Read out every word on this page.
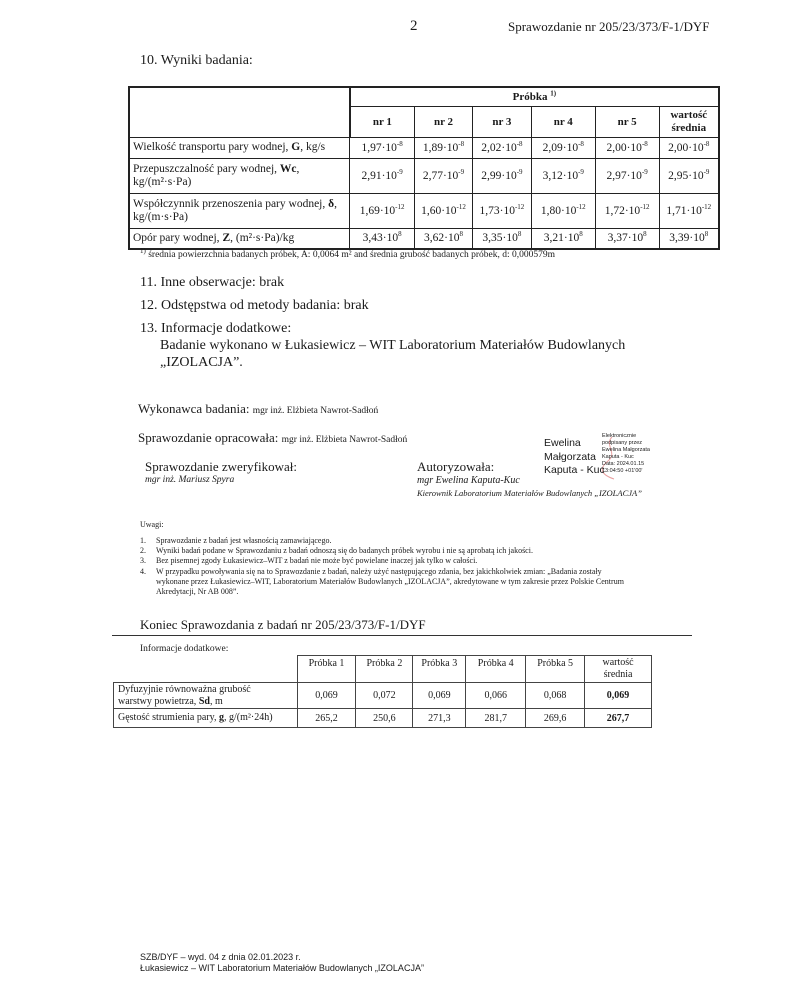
2	Sprawozdanie nr 205/23/373/F-1/DYF
10. Wyniki badania:
	Próbka $^{1)}$
	nr 1	nr 2	nr 3	nr 4	nr 5	wartość średnia
Wielkość transportu pary wodnej, G, kg/s	$1,97\cdot 10^{-8}$	$1,89\cdot 10^{-8}$	$2,02\cdot 10^{-8}$	$2,09\cdot 10^{-8}$	$2,00\cdot 10^{-8}$	$2,00\cdot 10^{-8}$
Przepuszczalność pary wodnej, Wc,
kg/(m²·s·Pa)	$2,91\cdot 10^{-9}$	$2,77\cdot 10^{-9}$	$2,99\cdot 10^{-9}$	$3,12\cdot 10^{-9}$	$2,97\cdot 10^{-9}$	$2,95\cdot 10^{-9}$
Współczynnik przenoszenia pary wodnej, δ,
kg/(m·s·Pa)	$1,69\cdot 10^{-12}$	$1,60\cdot 10^{-12}$	$1,73\cdot 10^{-12}$	$1,80\cdot 10^{-12}$	$1,72\cdot 10^{-12}$	$1,71\cdot 10^{-12}$
Opór pary wodnej, Z, (m²·s·Pa)/kg	$3,43\cdot 10^8$	$3,62\cdot 10^8$	$3,35\cdot 10^8$	$3,21\cdot 10^8$	$3,37\cdot 10^8$	$3,39\cdot 10^8$
$^{1)}$ średnia powierzchnia badanych próbek, A: 0,0064 m² and średnia grubość badanych próbek, d: 0,000579m
11. Inne obserwacje: brak
12. Odstępstwa od metody badania: brak
13. Informacje dodatkowe:
Badanie wykonano w Łukasiewicz – WIT Laboratorium Materiałów Budowlanych
„IZOLACJA”.
Wykonawca badania: mgr inż. Elżbieta Nawrot-Sadłoń
Sprawozdanie opracowała: mgr inż. Elżbieta Nawrot-Sadłoń
Sprawozdanie zweryfikował:
mgr inż. Mariusz Spyra
Autoryzowała:
mgr Ewelina Kaputa-Kuc
Kierownik Laboratorium Materiałów Budowlanych „IZOLACJA”
Ewelina
Małgorzata
Kaputa - Kuc
Elektronicznie
podpisany przez
Ewelina Małgorzata
Kaputa - Kuc
Data: 2024.01.15
13:04:50 +01'00'
Uwagi:
1. Sprawozdanie z badań jest własnością zamawiającego.
2. Wyniki badań podane w Sprawozdaniu z badań odnoszą się do badanych próbek wyrobu i nie są aprobatą ich jakości.
3. Bez pisemnej zgody Łukasiewicz–WIT z badań nie może być powielane inaczej jak tylko w całości.
4. W przypadku powoływania się na to Sprawozdanie z badań, należy użyć następującego zdania, bez jakichkolwiek zmian: „Badania zostały
wykonane przez Łukasiewicz–WIT, Laboratorium Materiałów Budowlanych „IZOLACJA”, akredytowane w tym zakresie przez Polskie Centrum
Akredytacji, Nr AB 008”.
Koniec Sprawozdania z badań nr 205/23/373/F-1/DYF
Informacje dodatkowe:
	Próbka 1	Próbka 2	Próbka 3	Próbka 4	Próbka 5	wartość średnia
Dyfuzyjnie równoważna grubość
warstwy powietrza, Sd, m	0,069	0,072	0,069	0,066	0,068	0,069
Gęstość strumienia pary, g, g/(m²·24h)	265,2	250,6	271,3	281,7	269,6	267,7
SZB/DYF – wyd. 04 z dnia 02.01.2023 r.
Łukasiewicz – WIT Laboratorium Materiałów Budowlanych „IZOLACJA”
